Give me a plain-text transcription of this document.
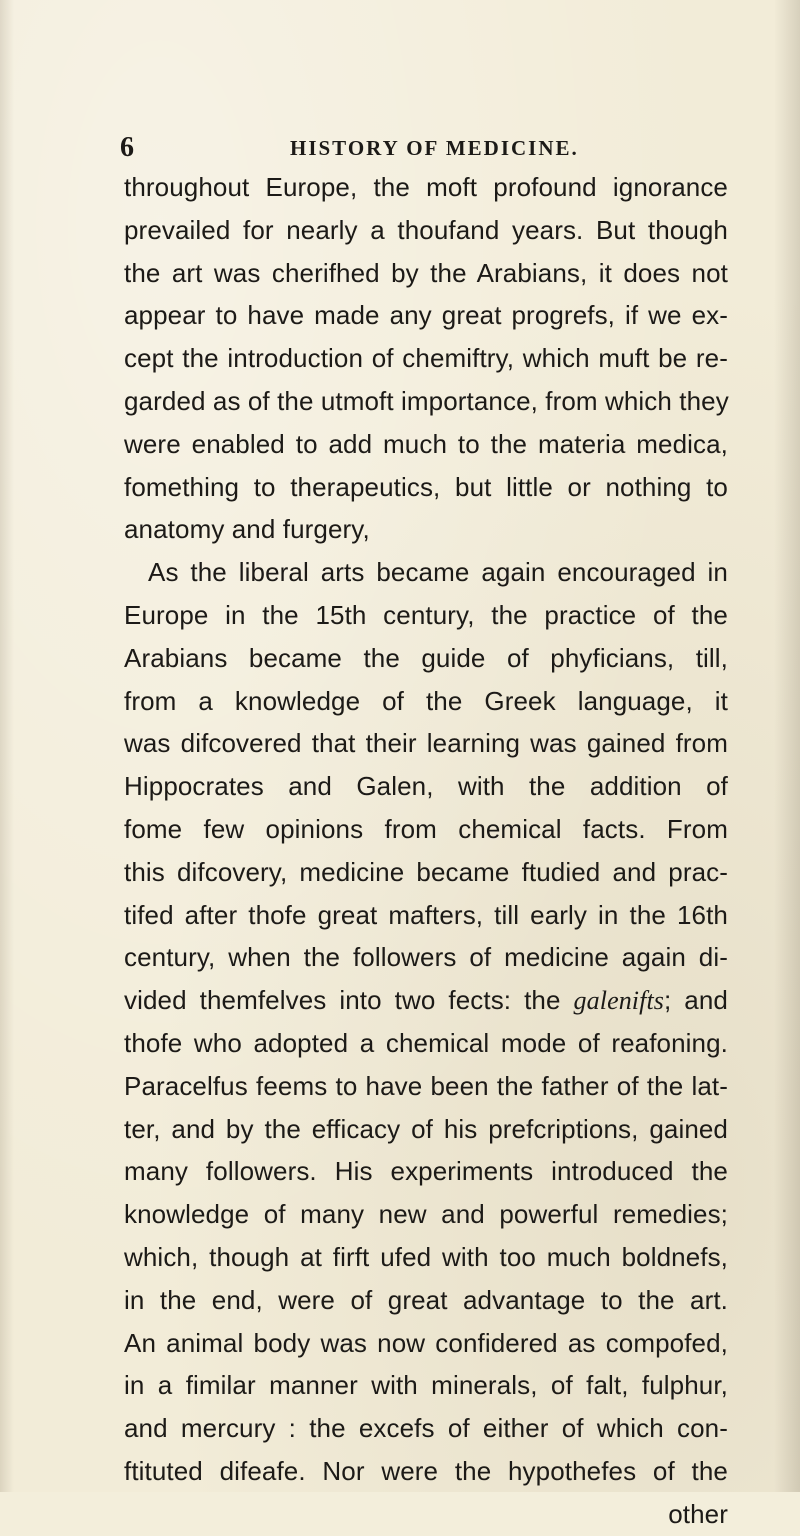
6	HISTORY OF MEDICINE.
throughout Europe, the moft profound ignorance
prevailed for nearly a thoufand years. But though
the art was cherifhed by the Arabians, it does not
appear to have made any great progrefs, if we ex-
cept the introduction of chemiftry, which muft be re-
garded as of the utmoft importance, from which they
were enabled to add much to the materia medica,
fomething to therapeutics, but little or nothing to
anatomy and furgery,
As the liberal arts became again encouraged in
Europe in the 15th century, the practice of the
Arabians became the guide of phyficians, till,
from a knowledge of the Greek language, it
was difcovered that their learning was gained from
Hippocrates and Galen, with the addition of
fome few opinions from chemical facts. From
this difcovery, medicine became ftudied and prac-
tifed after thofe great mafters, till early in the 16th
century, when the followers of medicine again di-
vided themfelves into two fects: the galenifts; and
thofe who adopted a chemical mode of reafoning.
Paracelfus feems to have been the father of the lat-
ter, and by the efficacy of his prefcriptions, gained
many followers. His experiments introduced the
knowledge of many new and powerful remedies;
which, though at firft ufed with too much boldnefs,
in the end, were of great advantage to the art.
An animal body was now confidered as compofed,
in a fimilar manner with minerals, of falt, fulphur,
and mercury : the excefs of either of which con-
ftituted difeafe. Nor were the hypothefes of the
other
